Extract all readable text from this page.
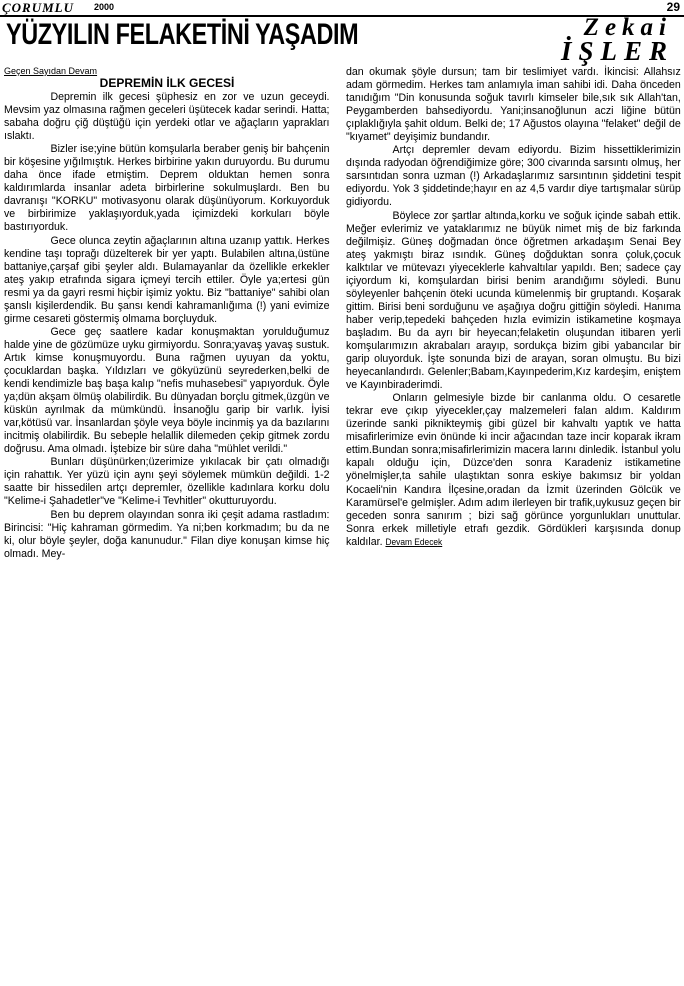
ÇORUMLU 2000	29
YÜZYILIN FELAKETİNİ YAŞADIM	Zekai
İŞLER
Geçen Sayıdan Devam
DEPREMİN İLK GECESİ

Depremin ilk gecesi şüphesiz en zor ve uzun geceydi. Mevsim yaz olmasına rağmen geceleri üşütecek kadar serindi. Hatta; sabaha doğru çiğ düştüğü için yerdeki otlar ve ağaçların yaprakları ıslaktı.

Bizler ise;yine bütün komşularla beraber geniş bir bahçenin bir köşesine yığılmıştık. Herkes birbirine yakın duruyordu. Bu durumu daha önce ifade etmiştim. Deprem olduktan hemen sonra kaldırımlarda insanlar adeta birbirlerine sokulmuşlardı. Ben bu davranışı "KORKU" motivasyonu olarak düşünüyorum. Korkuyorduk ve birbirimize yaklaşıyorduk,yada içimizdeki korkuları böyle bastırıyorduk.

Gece olunca zeytin ağaçlarının altına uzanıp yattık. Herkes kendine taşı toprağı düzelterek bir yer yaptı. Bulabilen altına,üstüne battaniye,çarşaf gibi şeyler aldı. Bulamayanlar da özellikle erkekler ateş yakıp etrafında sigara içmeyi tercih ettiler. Öyle ya;ertesi gün resmi ya da gayri resmi hiçbir işimiz yoktu. Biz "battaniye" sahibi olan şanslı kişilerdendik. Bu şansı kendi kahramanlığıma (!) yani evimize girme cesareti göstermiş olmama borçluyduk.

Gece geç saatlere kadar konuşmaktan yorulduğumuz halde yine de gözümüze uyku girmiyordu. Sonra;yavaş yavaş sustuk. Artık kimse konuşmuyordu. Buna rağmen uyuyan da yoktu, çocuklardan başka. Yıldızları ve gökyüzünü seyrederken,belki de kendi kendimizle baş başa kalıp "nefis muhasebesi" yapıyorduk. Öyle ya;dün akşam ölmüş olabilirdik. Bu dünyadan borçlu gitmek,üzgün ve küskün ayrılmak da mümkündü. İnsanoğlu garip bir varlık. İyisi var,kötüsü var. İnsanlardan şöyle veya böyle incinmiş ya da bazılarını incitmiş olabilirdik. Bu sebeple helallik dilemeden çekip gitmek zordu doğrusu. Ama olmadı. İştebize bir süre daha "mühlet verildi."

Bunları düşünürken;üzerimize yıkılacak bir çatı olmadığı için rahattık. Yer yüzü için aynı şeyi söylemek mümkün değildi. 1-2 saatte bir hissedilen artçı depremler, özellikle kadınlara korku dolu "Kelime-i Şahadetler"ve "Kelime-i Tevhitler" okutturuyordu.

Ben bu deprem olayından sonra iki çeşit adama rastladım: Birincisi: "Hiç kahraman görmedim. Ya ni;ben korkmadım; bu da ne ki, olur böyle şeyler, doğa kanunudur." Filan diye konuşan kimse hiç olmadı. Mey-

dan okumak şöyle dursun; tam bir teslimiyet vardı. İkincisi: Allahsız adam görmedim. Herkes tam anlamıyla iman sahibi idi. Daha önceden tanıdığım "Din konusunda soğuk tavırlı kimseler bile,sık sık Allah'tan, Peygamberden bahsediyordu. Yani;insanoğlunun aczi liğine bütün çıplaklığıyla şahit oldum. Belki de; 17 Ağustos olayına "felaket" değil de "kıyamet" deyişimiz bundandır.

Artçı depremler devam ediyordu. Bizim hissettiklerimizin dışında radyodan öğrendiğimize göre; 300 civarında sarsıntı olmuş, her sarsıntıdan sonra uzman (!) Arkadaşlarımız sarsıntının şiddetini tespit ediyordu. Yok 3 şiddetinde;hayır en az 4,5 vardır diye tartışmalar sürüp gidiyordu.

Böylece zor şartlar altında,korku ve soğuk içinde sabah ettik. Meğer evlerimiz ve yataklarımız ne büyük nimet miş de biz farkında değilmişiz. Güneş doğmadan önce öğretmen arkadaşım Senai Bey ateş yakmıştı biraz ısındık. Güneş doğduktan sonra çoluk,çocuk kalktılar ve mütevazı yiyeceklerle kahvaltılar yapıldı. Ben; sadece çay içiyordum ki, komşulardan birisi benim arandığımı söyledi. Bunu söyleyenler bahçenin öteki ucunda kümelenmiş bir gruptandı. Koşarak gittim. Birisi beni sorduğunu ve aşağıya doğru gittiğin söyledi. Hanıma haber verip,tepedeki bahçeden hızla evimizin istikametine koşmaya başladım. Bu da ayrı bir heyecan;felaketin oluşundan itibaren yerli komşularımızın akrabaları arayıp, sordukça bizim gibi yabancılar bir garip oluyorduk. İşte sonunda bizi de arayan, soran olmuştu. Bu bizi heyecanlandırdı. Gelenler;Babam,Kayınpederim,Kız kardeşim, eniştem ve Kayınbiraderimdi.

Onların gelmesiyle bizde bir canlanma oldu. O cesaretle tekrar eve çıkıp yiyecekler,çay malzemeleri falan aldım. Kaldırım üzerinde sanki piknikteymiş gibi güzel bir kahvaltı yaptık ve hatta misafirlerimize evin önünde ki incir ağacından taze incir koparak ikram ettim.Bundan sonra;misafirlerimizin macera larını dinledik. İstanbul yolu kapalı olduğu için, Düzce'den sonra Karadeniz istikametine yönelmişler,ta sahile ulaştıktan sonra eskiye bakımsız bir yoldan Kocaeli'nin Kandıra İlçesine,oradan da İzmit üzerinden Gölcük ve Karamürsel'e gelmişler. Adım adım ilerleyen bir trafik,uykusuz geçen bir geceden sonra sanırım ; bizi sağ görünce yorgunlukları unuttular. Sonra erkek milletiyle etrafı gezdik. Gördükleri karşısında donup kaldılar. Devam Edecek
